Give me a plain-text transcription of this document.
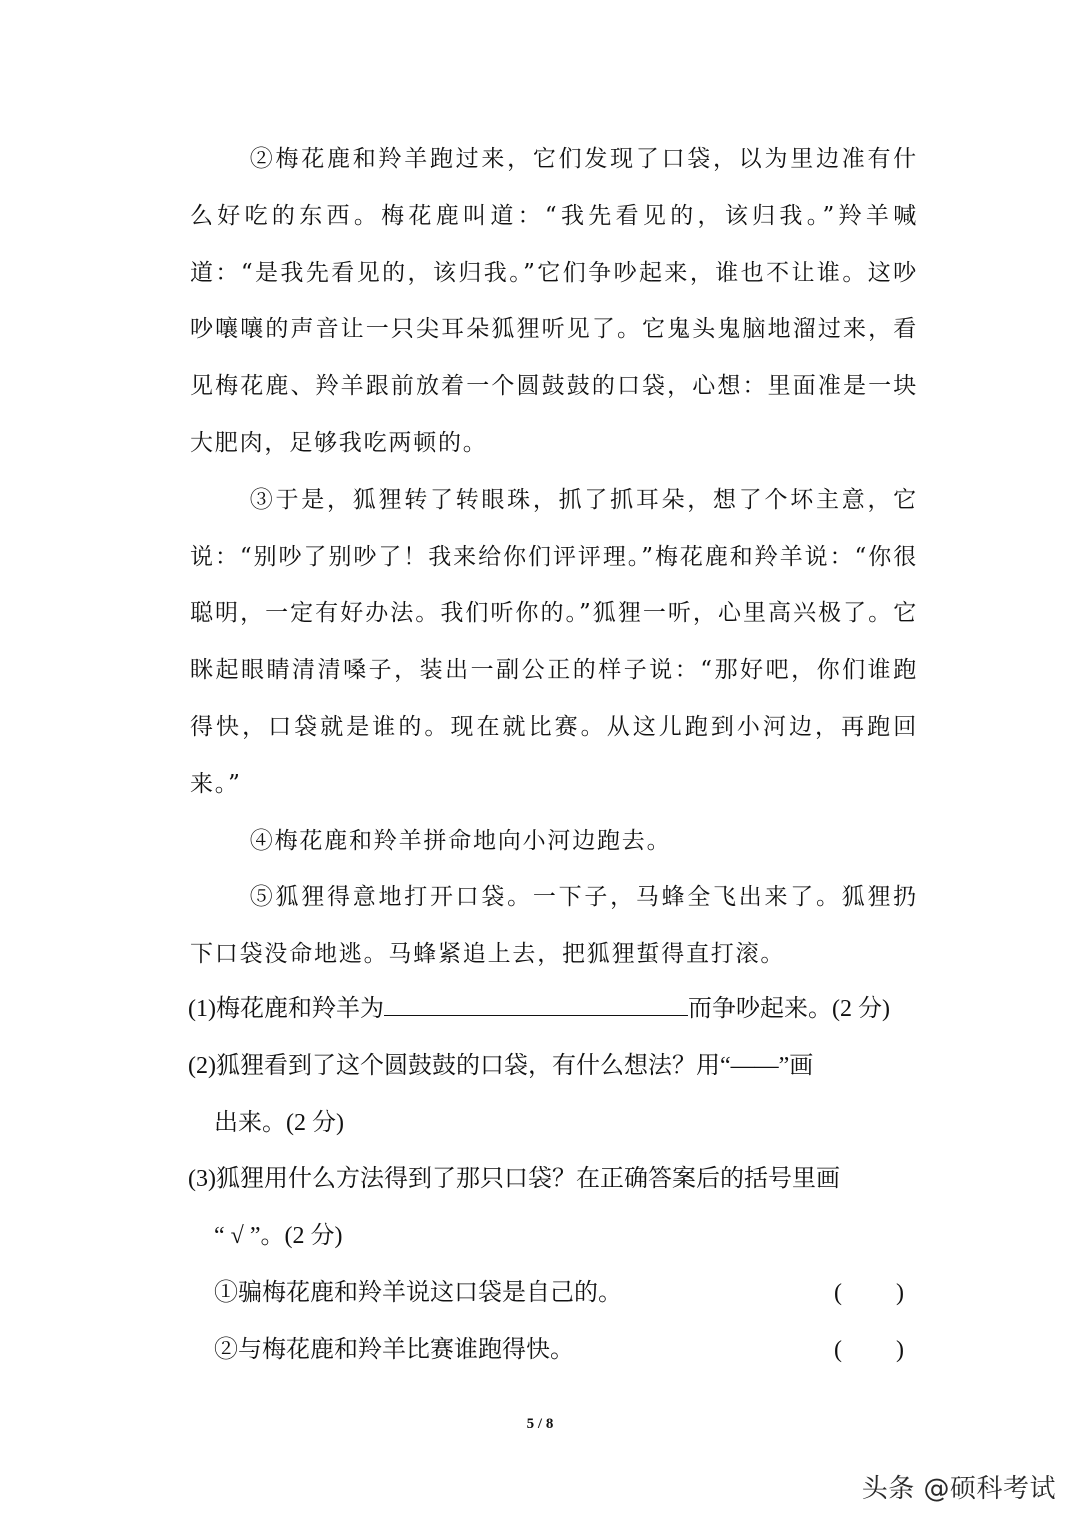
②梅花鹿和羚羊跑过来，它们发现了口袋，以为里边准有什么好吃的东西。梅花鹿叫道：“我先看见的，该归我。”羚羊喊道：“是我先看见的，该归我。”它们争吵起来，谁也不让谁。这吵吵嚷嚷的声音让一只尖耳朵狐狸听见了。它鬼头鬼脑地溜过来，看见梅花鹿、羚羊跟前放着一个圆鼓鼓的口袋，心想：里面准是一块大肥肉，足够我吃两顿的。

③于是，狐狸转了转眼珠，抓了抓耳朵，想了个坏主意，它说：“别吵了别吵了！我来给你们评评理。”梅花鹿和羚羊说：“你很聪明，一定有好办法。我们听你的。”狐狸一听，心里高兴极了。它眯起眼睛清清嗓子，装出一副公正的样子说：“那好吧，你们谁跑得快，口袋就是谁的。现在就比赛。从这儿跑到小河边，再跑回来。”

④梅花鹿和羚羊拼命地向小河边跑去。

⑤狐狸得意地打开口袋。一下子，马蜂全飞出来了。狐狸扔下口袋没命地逃。马蜂紧追上去，把狐狸蜇得直打滚。

(1)梅花鹿和羚羊为	而争吵起来。(2 分)
(2)狐狸看到了这个圆鼓鼓的口袋，有什么想法？用“——”画
出来。(2 分)
(3)狐狸用什么方法得到了那只口袋？在正确答案后的括号里画
“ √ ”。(2 分)
①骗梅花鹿和羚羊说这口袋是自己的。	( )
②与梅花鹿和羚羊比赛谁跑得快。	( )
5 / 8
头条 @硕科考试
